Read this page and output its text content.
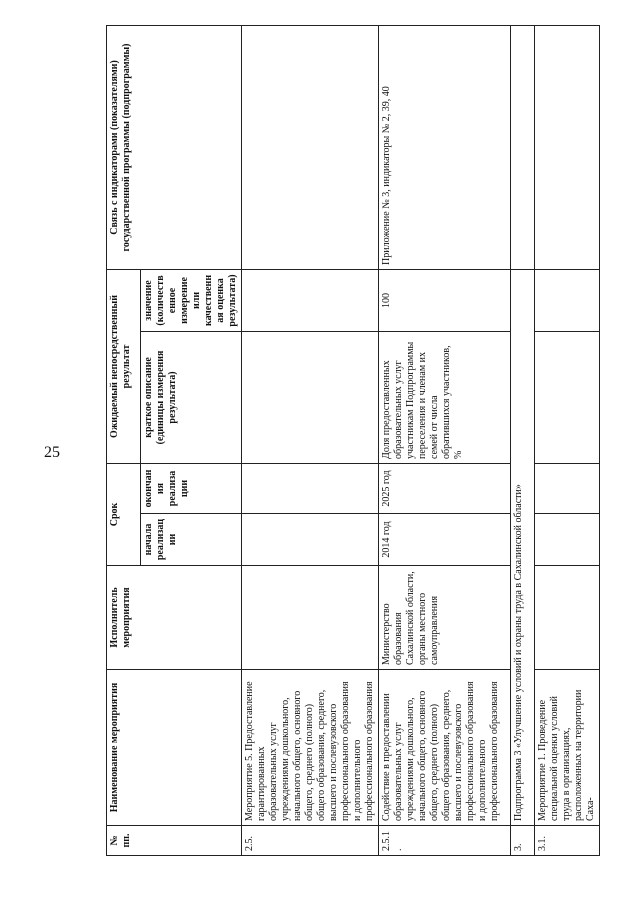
25
№ пп.	Наименование мероприятия	Исполнитель мероприятия	Срок		Ожидаемый непосредственный результат		Связь с индикаторами (показателями) государственной программы (подпрограммы)
			начала реализации	окончания реализации	краткое описание (единицы измерения результата)	значение (количественное измерение или качественная оценка результата)	
2.5.	Мероприятие 5. Предоставление гарантированных образовательных услуг учреждениями дошкольного, начального общего, основного общего, среднего (полного) общего образования, среднего, высшего и послевузовского профессионального образования и дополнительного профессионального образования						
2.5.1.	Содействие в предоставлении образовательных услуг учреждениями дошкольного, начального общего, основного общего, среднего (полного) общего образования, среднего, высшего и послевузовского профессионального образования и дополнительного профессионального образования	Министерство образования Сахалинской области, органы местного самоуправления	2014 год	2025 год	Доля предоставленных образовательных услуг участникам Подпрограммы переселения и членам их семей от числа обратившихся участников, %	100	Приложение № 3, индикаторы № 2, 39, 40
3.	Подпрограмма 3 «Улучшение условий и охраны труда в Сахалинской области»						
3.1.	Мероприятие 1. Проведение специальной оценки условий труда в организациях, расположенных на территории Саха-						
